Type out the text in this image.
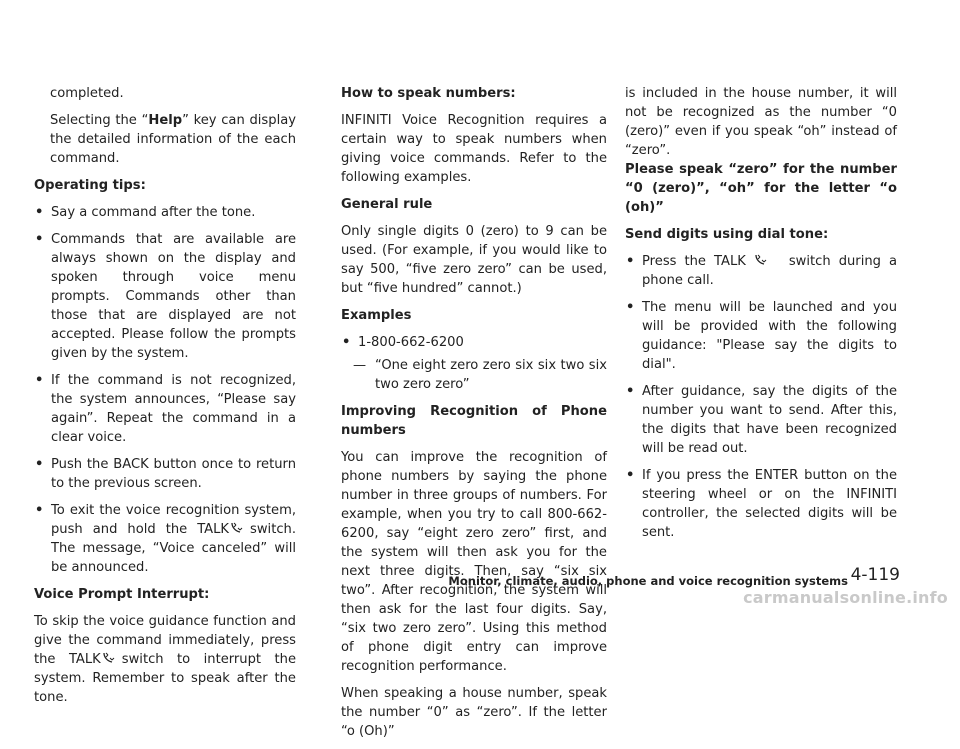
completed.

Selecting the “Help” key can display the detailed information of the each command.

Operating tips:

• Say a command after the tone.

• Commands that are available are always shown on the display and spoken through voice menu prompts. Commands other than those that are displayed are not accepted. Please follow the prompts given by the system.

• If the command is not recognized, the system announces, “Please say again”. Repeat the command in a clear voice.

• Push the BACK button once to return to the previous screen.

• To exit the voice recognition system, push and hold the TALK switch. The message, “Voice canceled” will be announced.

Voice Prompt Interrupt:

To skip the voice guidance function and give the command immediately, press the TALK switch to interrupt the system. Remember to speak after the tone.

How to speak numbers:

INFINITI Voice Recognition requires a certain way to speak numbers when giving voice commands. Refer to the following examples.

General rule

Only single digits 0 (zero) to 9 can be used. (For example, if you would like to say 500, “five zero zero” can be used, but “five hundred” cannot.)

Examples

• 1-800-662-6200

— “One eight zero zero six six two six two zero zero”

Improving Recognition of Phone numbers

You can improve the recognition of phone numbers by saying the phone number in three groups of numbers. For example, when you try to call 800-662-6200, say “eight zero zero” first, and the system will then ask you for the next three digits. Then, say “six six two”. After recognition, the system will then ask for the last four digits. Say, “six two zero zero”. Using this method of phone digit entry can improve recognition performance.

When speaking a house number, speak the number “0” as “zero”. If the letter “o (Oh)”

is included in the house number, it will not be recognized as the number “0 (zero)” even if you speak “oh” instead of “zero”.

Please speak “zero” for the number “0 (zero)”, “oh” for the letter “o (oh)”

Send digits using dial tone:

• Press the TALK	switch during a phone call.

• The menu will be launched and you will be provided with the following guidance: "Please say the digits to dial".

• After guidance, say the digits of the number you want to send. After this, the digits that have been recognized will be read out.

• If you press the ENTER button on the steering wheel or on the INFINITI controller, the selected digits will be sent.

Monitor, climate, audio, phone and voice recognition systems 4-119
carmanualsonline.info
